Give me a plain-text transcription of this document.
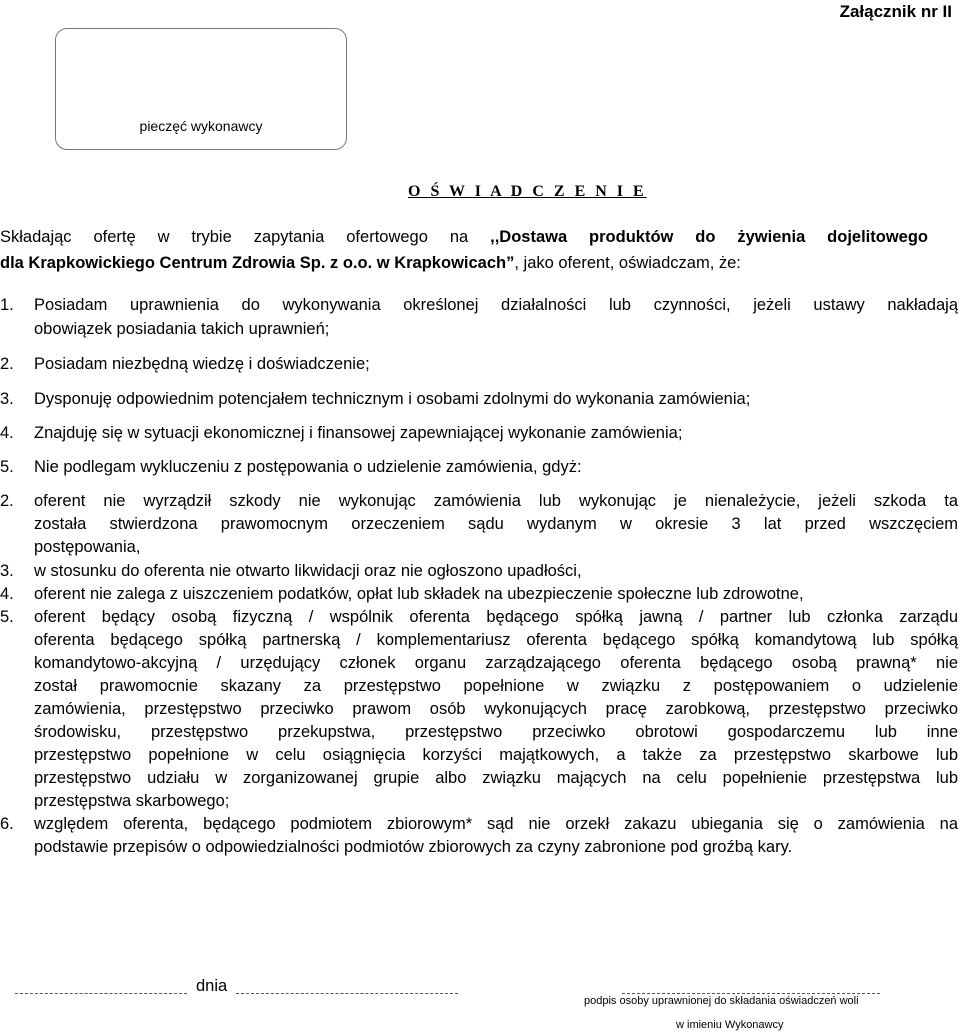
Załącznik nr II
pieczęć wykonawcy
O Ś W I A D C Z E N I E
Składając ofertę w trybie zapytania ofertowego na ,,Dostawa produktów do żywienia dojelitowego
dla Krapkowickiego Centrum Zdrowia Sp. z o.o. w Krapkowicach”, jako oferent, oświadczam, że:
1. Posiadam uprawnienia do wykonywania określonej działalności lub czynności, jeżeli ustawy nakładają
obowiązek posiadania takich uprawnień;
2. Posiadam niezbędną wiedzę i doświadczenie;
3. Dysponuję odpowiednim potencjałem technicznym i osobami zdolnymi do wykonania zamówienia;
4. Znajduję się w sytuacji ekonomicznej i finansowej zapewniającej wykonanie zamówienia;
5. Nie podlegam wykluczeniu z postępowania o udzielenie zamówienia, gdyż:
2. oferent nie wyrządził szkody nie wykonując zamówienia lub wykonując je nienależycie, jeżeli szkoda ta
została stwierdzona prawomocnym orzeczeniem sądu wydanym w okresie 3 lat przed wszczęciem
postępowania,
3. w stosunku do oferenta nie otwarto likwidacji oraz nie ogłoszono upadłości,
4. oferent nie zalega z uiszczeniem podatków, opłat lub składek na ubezpieczenie społeczne lub zdrowotne,
5. oferent będący osobą fizyczną / wspólnik oferenta będącego spółką jawną / partner lub członka zarządu
oferenta będącego spółką partnerską / komplementariusz oferenta będącego spółką komandytową lub spółką
komandytowo-akcyjną / urzędujący członek organu zarządzającego oferenta będącego osobą prawną* nie
został prawomocnie skazany za przestępstwo popełnione w związku z postępowaniem o udzielenie
zamówienia, przestępstwo przeciwko prawom osób wykonujących pracę zarobkową, przestępstwo przeciwko
środowisku, przestępstwo przekupstwa, przestępstwo przeciwko obrotowi gospodarczemu lub inne
przestępstwo popełnione w celu osiągnięcia korzyści majątkowych, a także za przestępstwo skarbowe lub
przestępstwo udziału w zorganizowanej grupie albo związku mających na celu popełnienie przestępstwa lub
przestępstwa skarbowego;
6. względem oferenta, będącego podmiotem zbiorowym* sąd nie orzekł zakazu ubiegania się o zamówienia na
podstawie przepisów o odpowiedzialności podmiotów zbiorowych za czyny zabronione pod groźbą kary.
dnia
podpis osoby uprawnionej do składania oświadczeń woli
w imieniu Wykonawcy
